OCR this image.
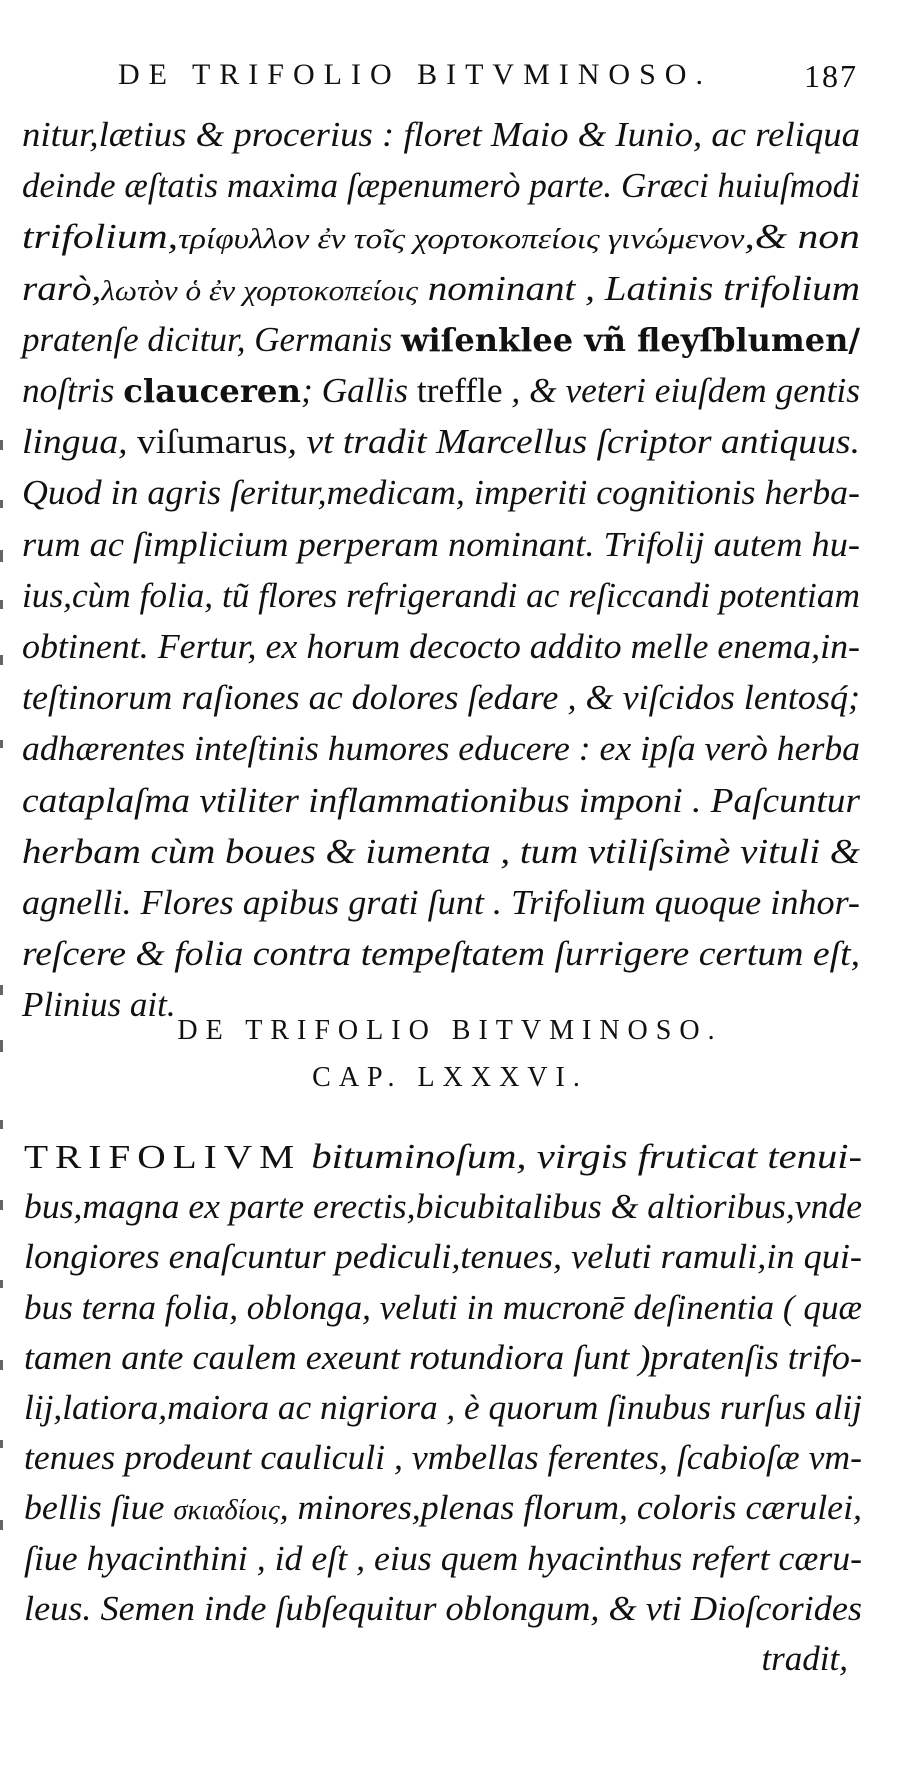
DE TRIFOLIO BITVMINOSO.	187
nitur,lætius & procerius : floret Maio & Iunio, ac reliqua
deinde æſtatis maxima ſæpenumerò parte. Græci huiuſmodi
trifolium,τρίφυλλον ἐν τοῖς χορτοκοπείοις γινώμενον,& non
rarò,λωτὸν ὁ ἐν χορτοκοπείοις nominant , Latinis trifolium
pratenſe dicitur, Germanis wiſenklee vñ fleyſblumen/
noſtris clauceren; Gallis treffle , & veteri eiuſdem gentis
lingua, viſumarus, vt tradit Marcellus ſcriptor antiquus.
Quod in agris ſeritur,medicam, imperiti cognitionis herba-
rum ac ſimplicium perperam nominant. Trifolij autem hu-
ius,cùm folia, tũ flores refrigerandi ac reſiccandi potentiam
obtinent. Fertur, ex horum decocto addito melle enema,in-
teſtinorum raſiones ac dolores ſedare , & viſcidos lentosq́;
adhærentes inteſtinis humores educere : ex ipſa verò herba
cataplaſma vtiliter inflammationibus imponi . Paſcuntur
herbam cùm boues & iumenta , tum vtiliſsimè vituli &
agnelli. Flores apibus grati ſunt . Trifolium quoque inhor-
reſcere & folia contra tempeſtatem ſurrigere certum eſt,
Plinius ait.
DE TRIFOLIO BITVMINOSO.
CAP. LXXXVI.
TRIFOLIVM bituminoſum, virgis fruticat tenui-
bus,magna ex parte erectis,bicubitalibus & altioribus,vnde
longiores enaſcuntur pediculi,tenues, veluti ramuli,in qui-
bus terna folia, oblonga, veluti in mucronē deſinentia ( quæ
tamen ante caulem exeunt rotundiora ſunt )pratenſis trifo-
lij,latiora,maiora ac nigriora , è quorum ſinubus rurſus alij
tenues prodeunt cauliculi , vmbellas ferentes, ſcabioſæ vm-
bellis ſiue σκιαδίοις, minores,plenas florum, coloris cærulei,
ſiue hyacinthini , id eſt , eius quem hyacinthus refert cæru-
leus. Semen inde ſubſequitur oblongum, & vti Dioſcorides
tradit,
